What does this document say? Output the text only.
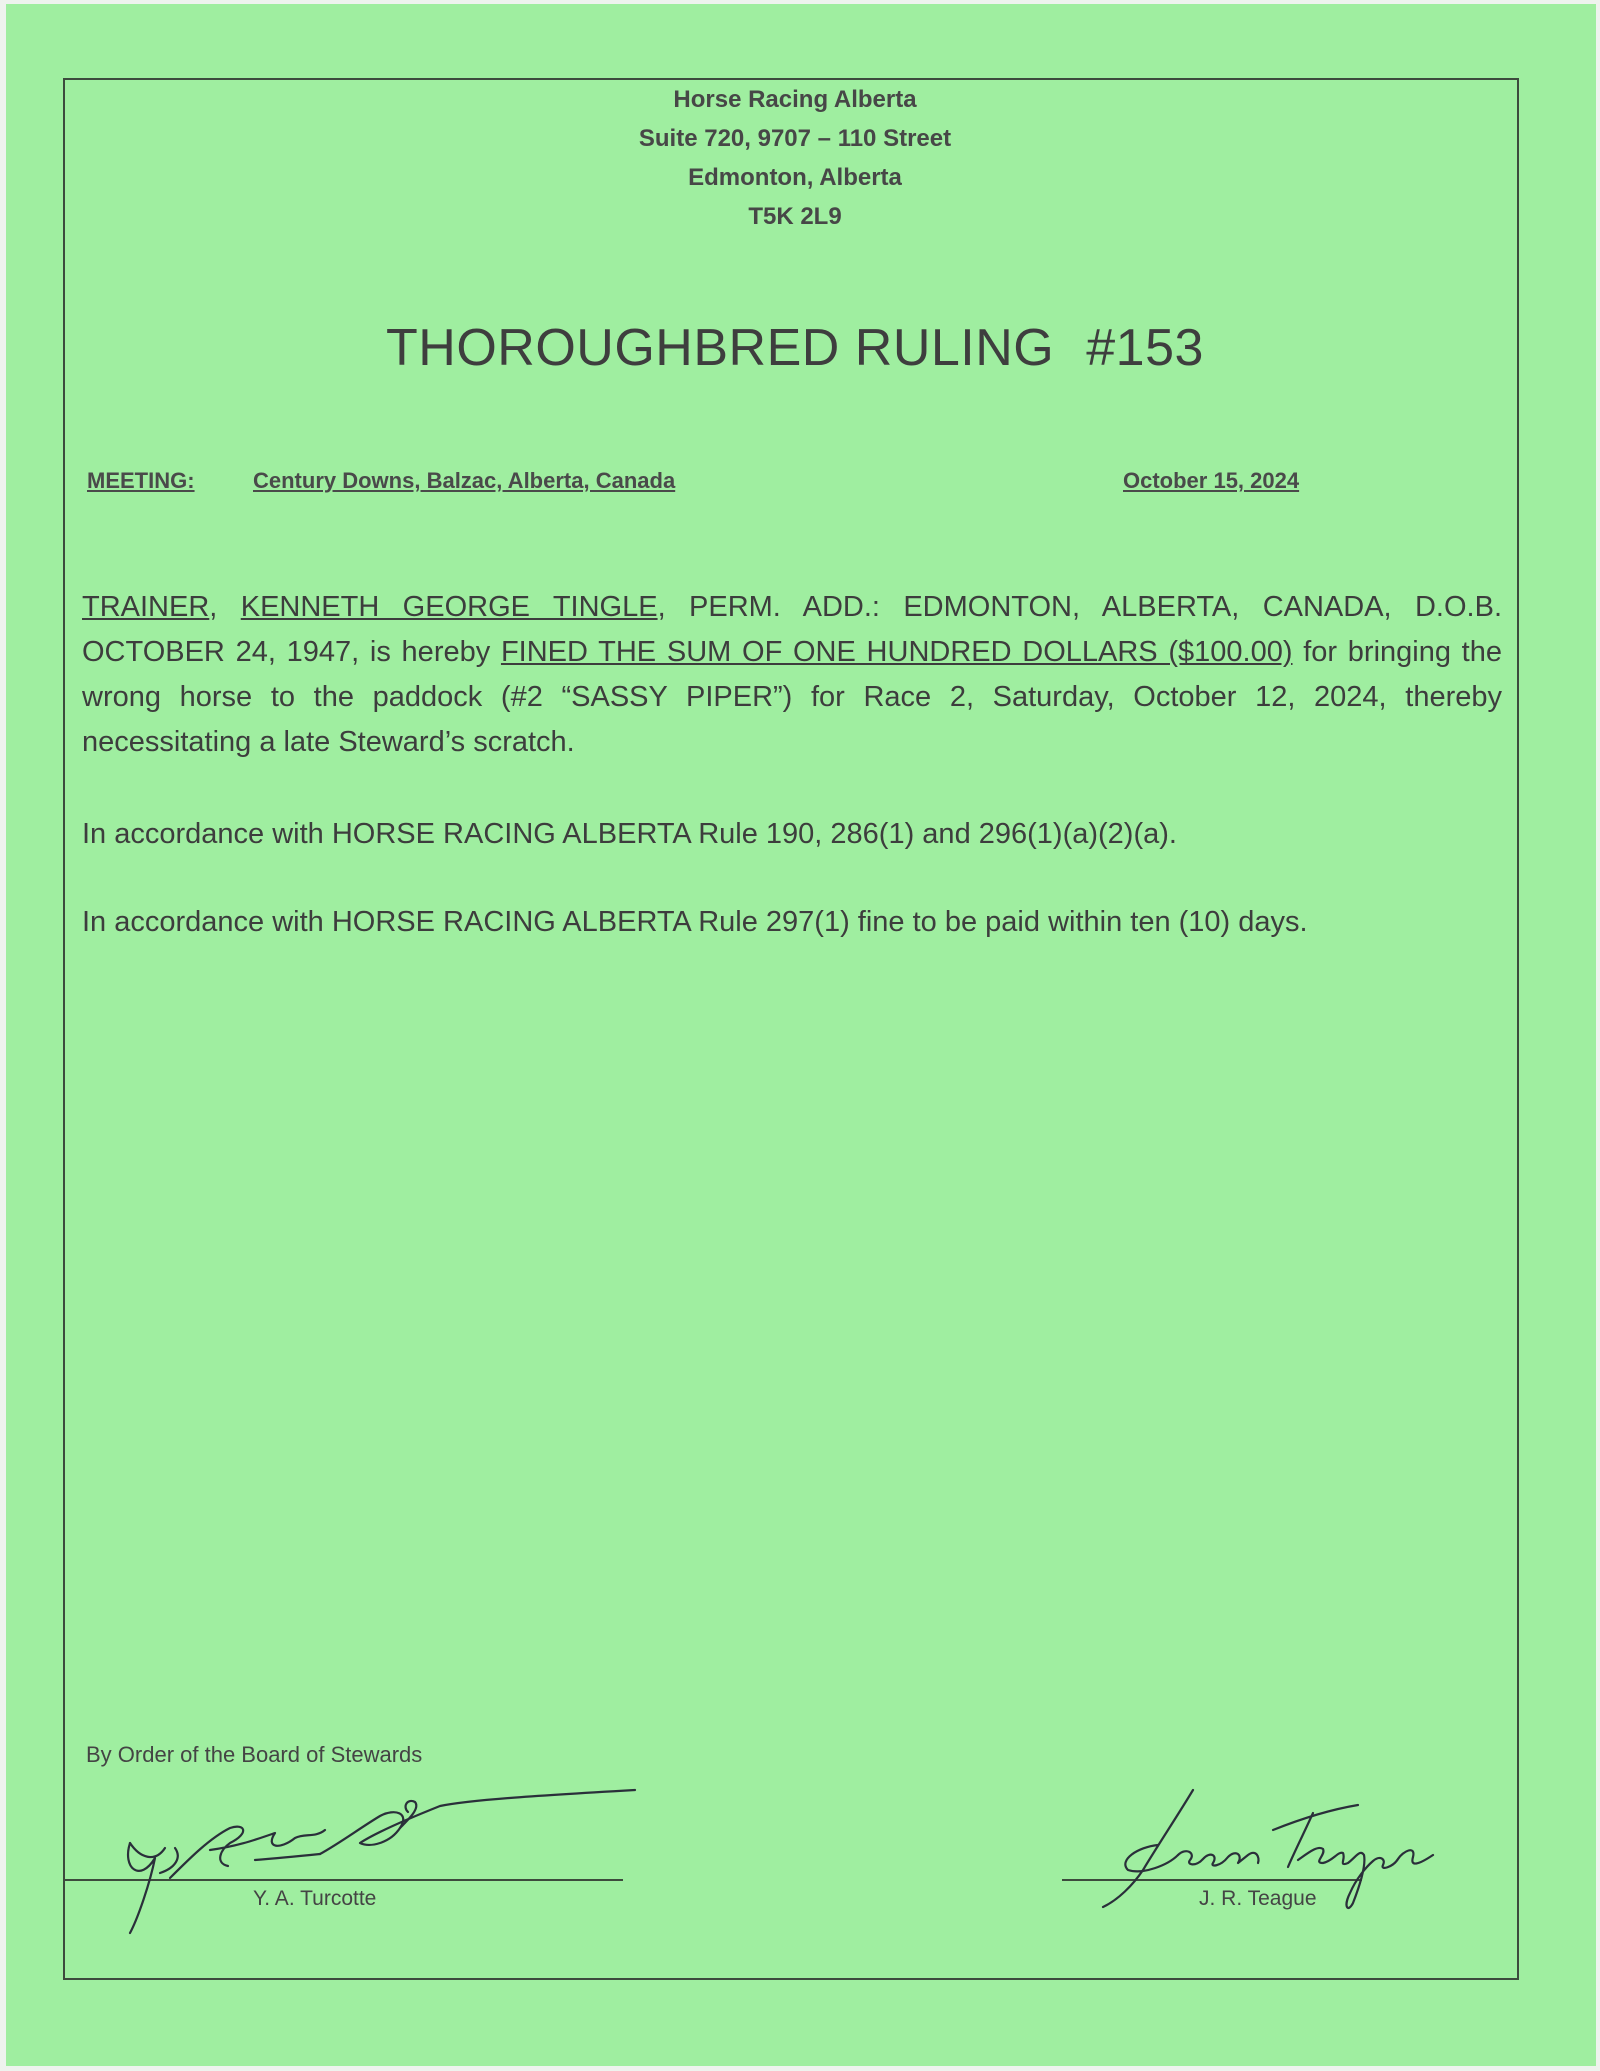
Horse Racing Alberta
Suite 720, 9707 – 110 Street
Edmonton, Alberta
T5K 2L9
THOROUGHBRED RULING #153
MEETING:	Century Downs, Balzac, Alberta, Canada	October 15, 2024
TRAINER, KENNETH GEORGE TINGLE, PERM. ADD.: EDMONTON, ALBERTA, CANADA, D.O.B. OCTOBER 24, 1947, is hereby FINED THE SUM OF ONE HUNDRED DOLLARS ($100.00) for bringing the wrong horse to the paddock (#2 “SASSY PIPER”) for Race 2, Saturday, October 12, 2024, thereby necessitating a late Steward’s scratch.
In accordance with HORSE RACING ALBERTA Rule 190, 286(1) and 296(1)(a)(2)(a).
In accordance with HORSE RACING ALBERTA Rule 297(1) fine to be paid within ten (10) days.
By Order of the Board of Stewards
Y. A. Turcotte	J. R. Teague
